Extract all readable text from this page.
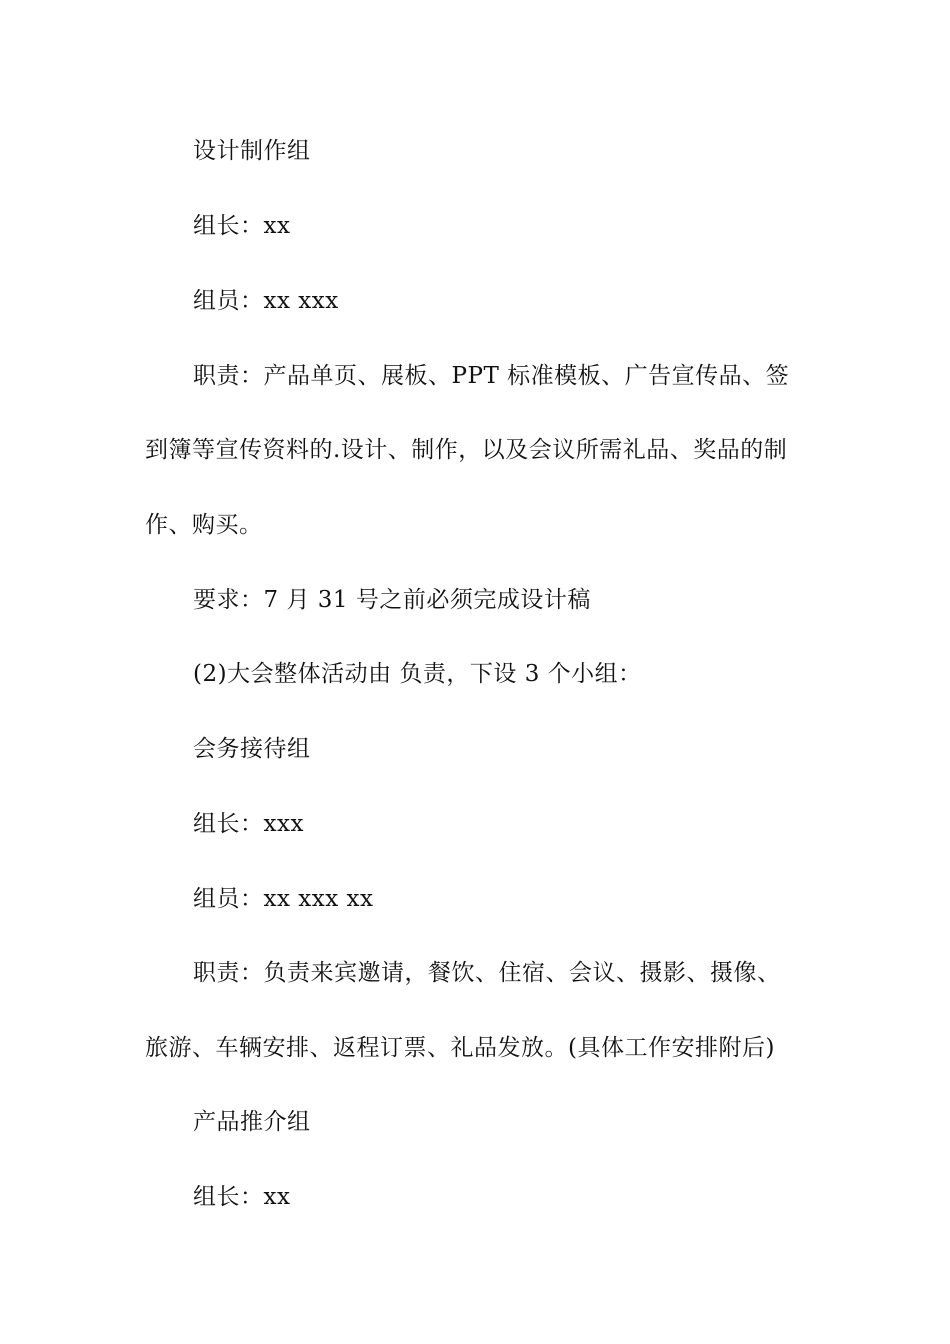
设计制作组
组长：xx
组员：xx xxx
职责：产品单页、展板、PPT 标准模板、广告宣传品、签
到簿等宣传资料的.设计、制作，以及会议所需礼品、奖品的制
作、购买。
要求：7 月 31 号之前必须完成设计稿
(2)大会整体活动由 负责，下设 3 个小组：
会务接待组
组长：xxx
组员：xx xxx xx
职责：负责来宾邀请，餐饮、住宿、会议、摄影、摄像、
旅游、车辆安排、返程订票、礼品发放。(具体工作安排附后)
产品推介组
组长：xx
